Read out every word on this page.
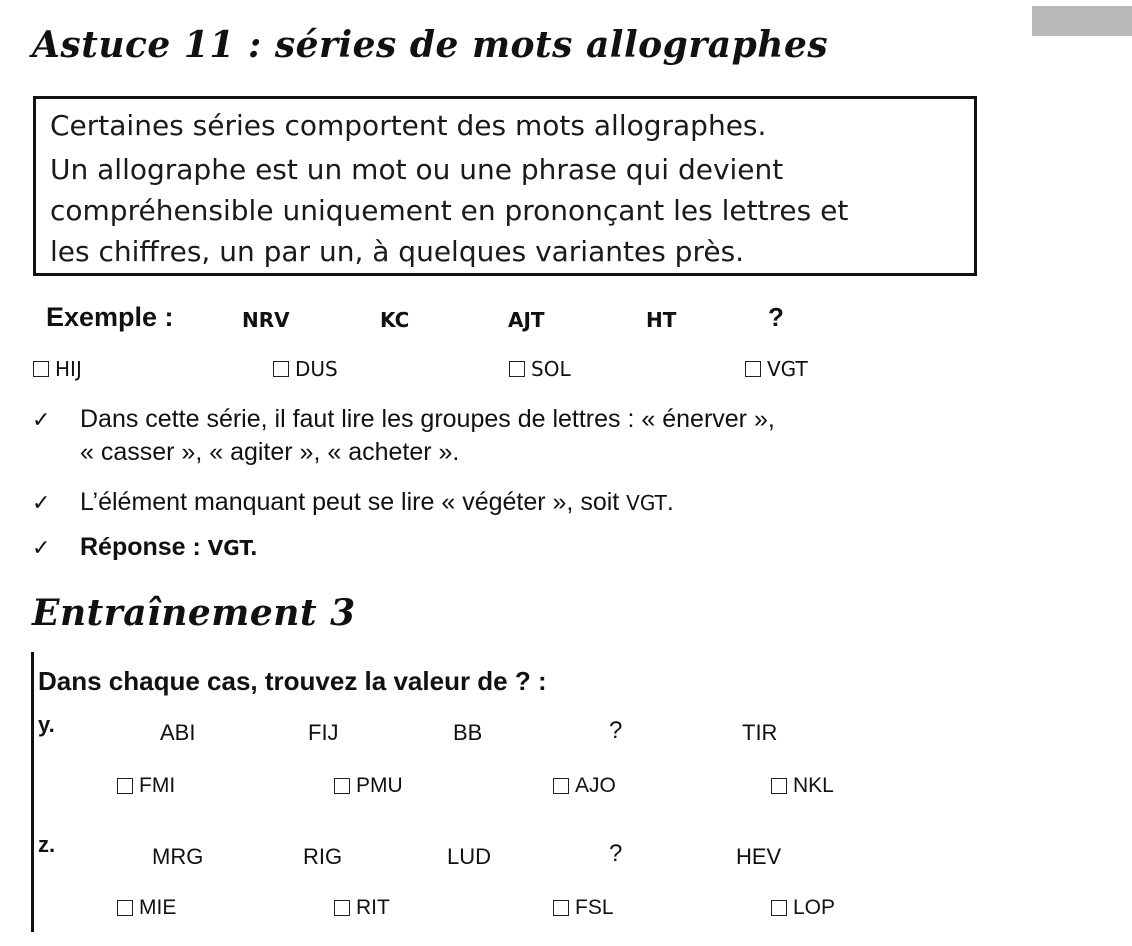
Astuce 11 : séries de mots allographes
Certaines séries comportent des mots allographes.
Un allographe est un mot ou une phrase qui devient
compréhensible uniquement en prononçant les lettres et
les chiffres, un par un, à quelques variantes près.
Exemple :	NRV	KC	AJT	HT	?
HIJ	DUS	SOL	VGT
✓ Dans cette série, il faut lire les groupes de lettres : « énerver »,
« casser », « agiter », « acheter ».
✓ L’élément manquant peut se lire « végéter », soit VGT.
✓ Réponse : VGT.
Entraînement 3
Dans chaque cas, trouvez la valeur de ? :
y.	ABI	FIJ	BB	?	TIR
FMI	PMU	AJO	NKL
z.	MRG	RIG	LUD	?	HEV
MIE	RIT	FSL	LOP
